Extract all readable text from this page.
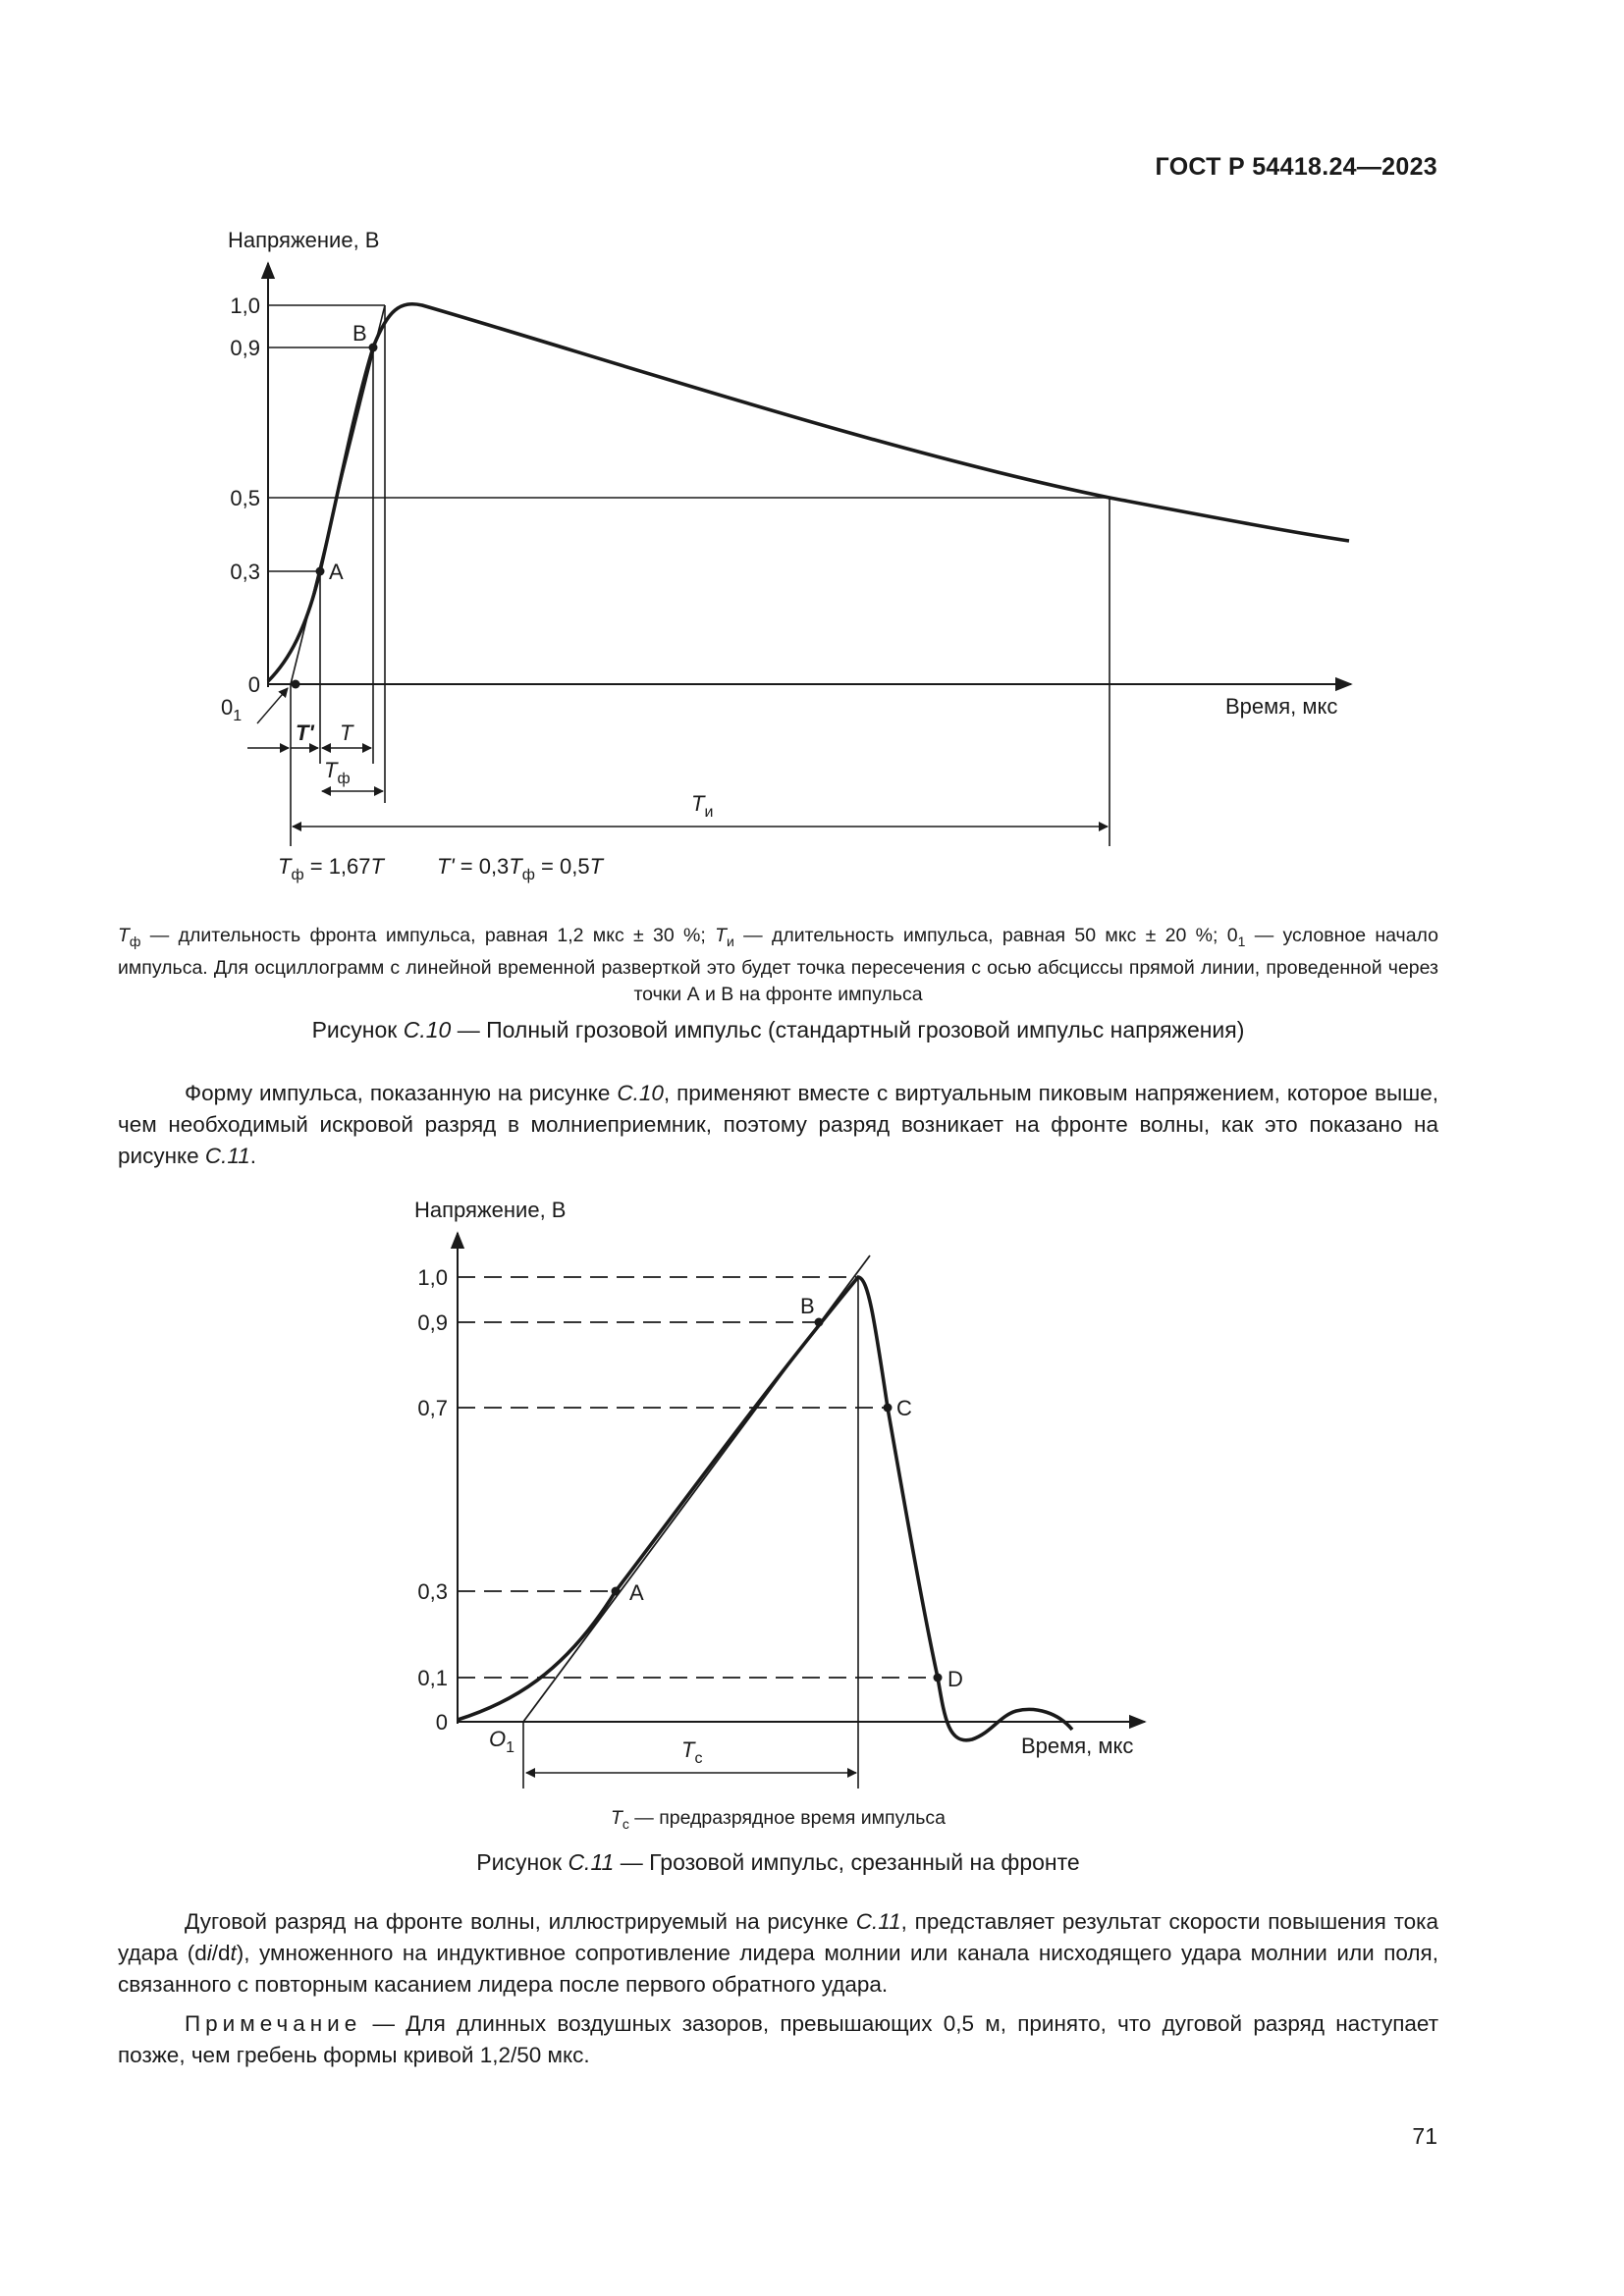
ГОСТ Р 54418.24—2023
Напряжение, В
Время, мкс
1,0
0,9
0,5
0,3
0
В
А
$0_1$
T' T
$T_ф$
$T_и$
$T_ф = 1,67T$ $T' = 0,3T_ф = 0,5T$
$T_ф$ — длительность фронта импульса, равная 1,2 мкс ± 30 %; $T_и$ — длительность импульса, равная 50 мкс ± 20 %; $0_1$ — условное начало импульса. Для осциллограмм с линейной временной разверткой это будет точка пересечения с осью абсцисcы прямой линии, проведенной через точки А и В на фронте импульса
Рисунок С.10 — Полный грозовой импульс (стандартный грозовой импульс напряжения)
Форму импульса, показанную на рисунке С.10, применяют вместе с виртуальным пиковым напряжением, которое выше, чем необходимый искровой разряд в молниеприемник, поэтому разряд возникает на фронте волны, как это показано на рисунке С.11.
Напряжение, В
Время, мкс
1,0
0,9
0,7
0,3
0,1
0
B
C
A
D
$O_1$	$T_c$
$T_с$ — предразрядное время импульса
Рисунок С.11 — Грозовой импульс, срезанный на фронте
Дуговой разряд на фронте волны, иллюстрируемый на рисунке С.11, представляет результат скорости повышения тока удара (di/dt), умноженного на индуктивное сопротивление лидера молнии или канала нисходящего удара молнии или поля, связанного с повторным касанием лидера после первого обратного удара.
Примечание — Для длинных воздушных зазоров, превышающих 0,5 м, принято, что дуговой разряд наступает позже, чем гребень формы кривой 1,2/50 мкс.
71
